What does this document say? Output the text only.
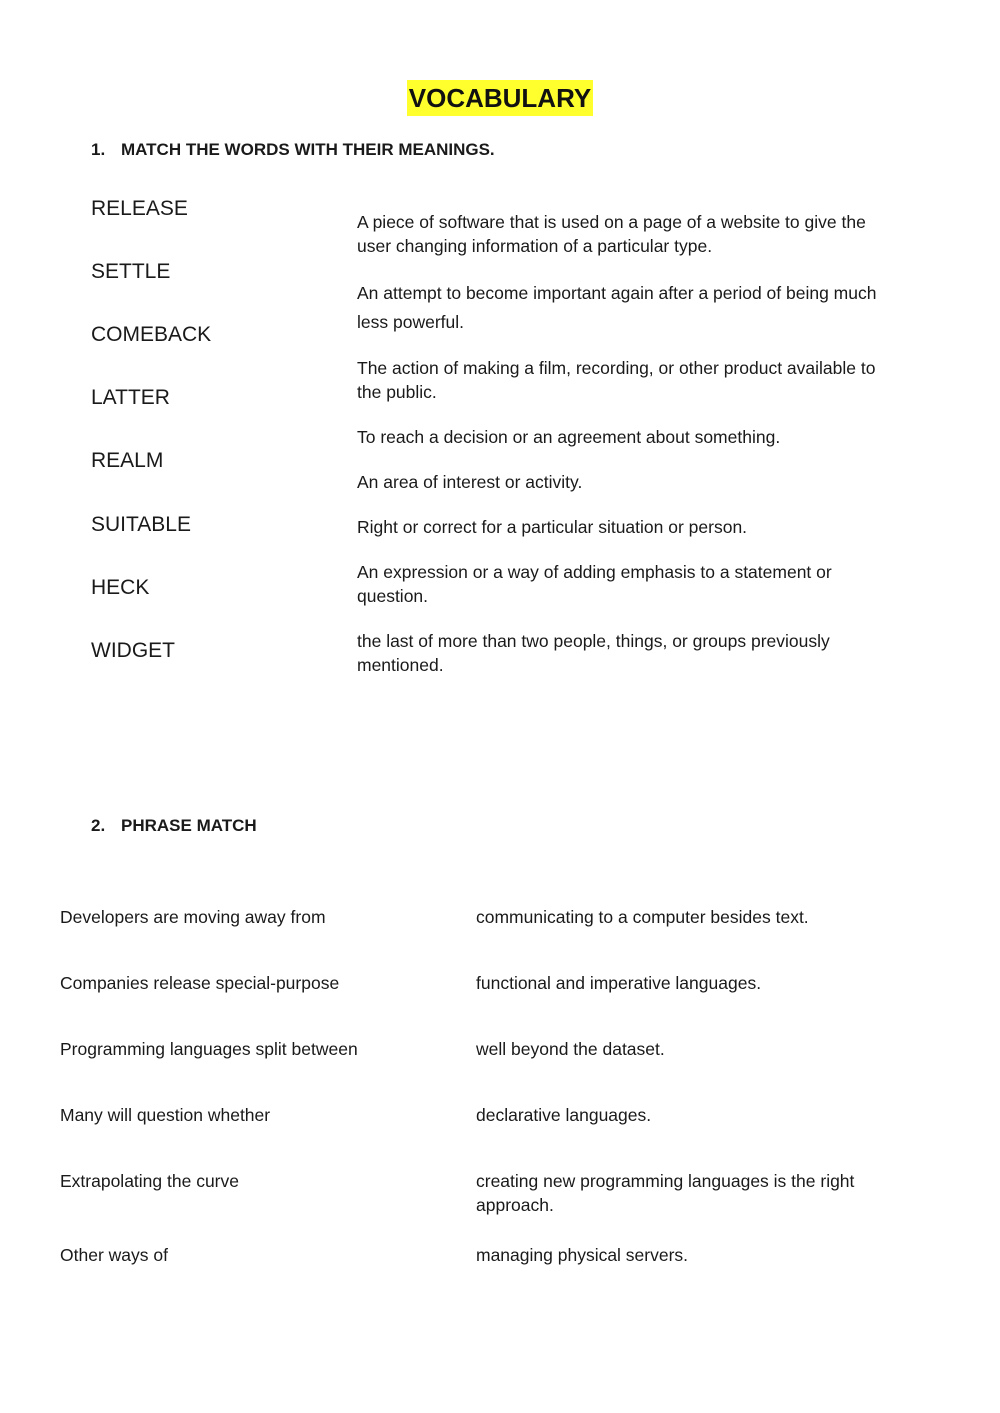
VOCABULARY
1. MATCH THE WORDS WITH THEIR MEANINGS.
RELEASE
SETTLE
COMEBACK
LATTER
REALM
SUITABLE
HECK
WIDGET
A piece of software that is used on a page of a website to give the user changing information of a particular type.
An attempt to become important again after a period of being much less powerful.
The action of making a film, recording, or other product available to the public.
To reach a decision or an agreement about something.
An area of interest or activity.
Right or correct for a particular situation or person.
An expression or a way of adding emphasis to a statement or question.
the last of more than two people, things, or groups previously mentioned.
2. PHRASE MATCH
Developers are moving away from
Companies release special-purpose
Programming languages split between
Many will question whether
Extrapolating the curve
Other ways of
communicating to a computer besides text.
functional and imperative languages.
well beyond the dataset.
declarative languages.
creating new programming languages is the right approach.
managing physical servers.
